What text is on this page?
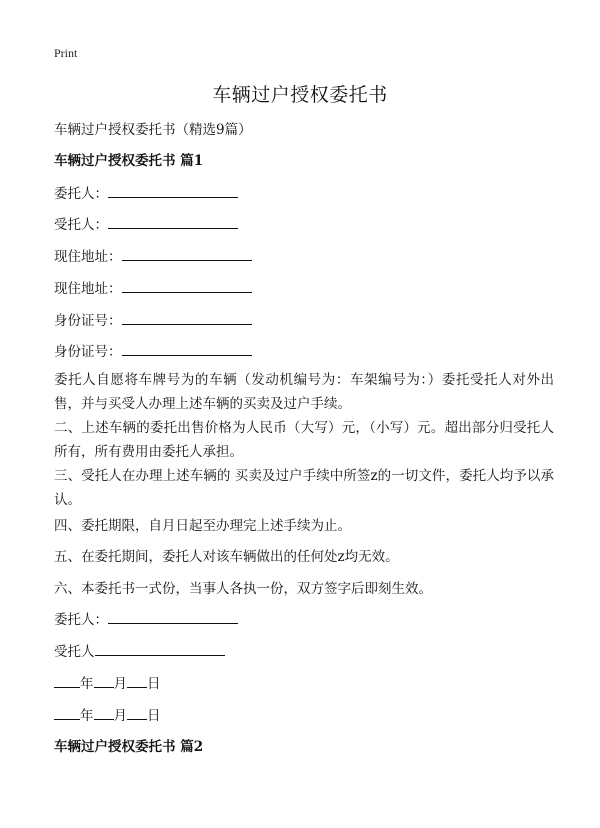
Print
车辆过户授权委托书
车辆过户授权委托书（精选9篇）
车辆过户授权委托书 篇1
委托人：
受托人：
现住地址：
现住地址：
身份证号：
身份证号：
委托人自愿将车牌号为的车辆（发动机编号为：车架编号为：）委托受托人对外出售，并与买受人办理上述车辆的买卖及过户手续。
二、上述车辆的委托出售价格为人民币（大写）元，（小写）元。超出部分归受托人所有，所有费用由委托人承担。
三、受托人在办理上述车辆的 买卖及过户手续中所签z的一切文件，委托人均予以承认。
四、委托期限，自月日起至办理完上述手续为止。
五、在委托期间，委托人对该车辆做出的任何处z均无效。
六、本委托书一式份，当事人各执一份，双方签字后即刻生效。
委托人：
受托人
年 月 日
年 月 日
车辆过户授权委托书 篇2
